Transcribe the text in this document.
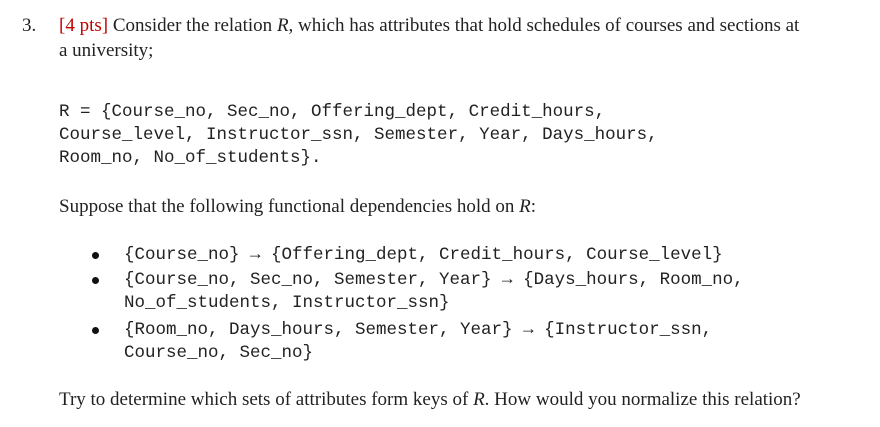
3. [4 pts] Consider the relation R, which has attributes that hold schedules of courses and sections at
a university;
R = {Course_no, Sec_no, Offering_dept, Credit_hours,
Course_level, Instructor_ssn, Semester, Year, Days_hours,
Room_no, No_of_students}.
Suppose that the following functional dependencies hold on R:
{Course_no} → {Offering_dept, Credit_hours, Course_level}
{Course_no, Sec_no, Semester, Year} → {Days_hours, Room_no,
No_of_students, Instructor_ssn}
{Room_no, Days_hours, Semester, Year} → {Instructor_ssn,
Course_no, Sec_no}
Try to determine which sets of attributes form keys of R. How would you normalize this relation?
